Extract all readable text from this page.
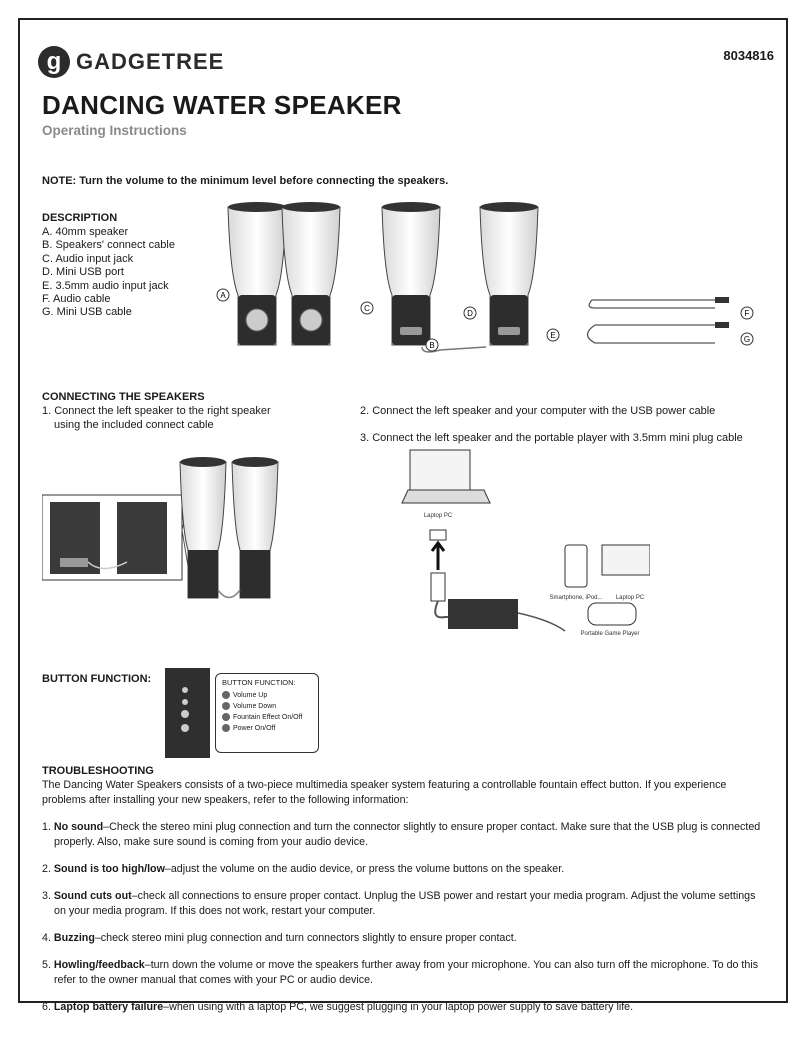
g GADGETREE	8034816
DANCING WATER SPEAKER
Operating Instructions
NOTE: Turn the volume to the minimum level before connecting the speakers.
DESCRIPTION
A. 40mm speaker
B. Speakers' connect cable
C. Audio input jack
D. Mini USB port
E. 3.5mm audio input jack
F. Audio cable
G. Mini USB cable
A
B
C
D
E
F
G
CONNECTING THE SPEAKERS
1. Connect the left speaker to the right speaker
using the included connect cable
2. Connect the left speaker and your computer with the USB power cable
3. Connect the left speaker and the portable player with 3.5mm mini plug cable
Laptop PC
Smartphone, iPod... Laptop PC
Portable Game Player
BUTTON FUNCTION:	BUTTON FUNCTION:
Volume Up
Volume Down
Fountain Effect On/Off
Power On/Off
TROUBLESHOOTING

The Dancing Water Speakers consists of a two-piece multimedia speaker system featuring a controllable fountain effect button. If you experience problems after installing your new speakers, refer to the following information:

1. No sound–Check the stereo mini plug connection and turn the connector slightly to ensure proper contact. Make sure that the USB plug is connected properly. Also, make sure sound is coming from your audio device.

2. Sound is too high/low–adjust the volume on the audio device, or press the volume buttons on the speaker.

3. Sound cuts out–check all connections to ensure proper contact. Unplug the USB power and restart your media program. Adjust the volume settings on your media program. If this does not work, restart your computer.

4. Buzzing–check stereo mini plug connection and turn connectors slightly to ensure proper contact.

5. Howling/feedback–turn down the volume or move the speakers further away from your microphone. You can also turn off the microphone. To do this refer to the owner manual that comes with your PC or audio device.

6. Laptop battery failure–when using with a laptop PC, we suggest plugging in your laptop power supply to save battery life.
